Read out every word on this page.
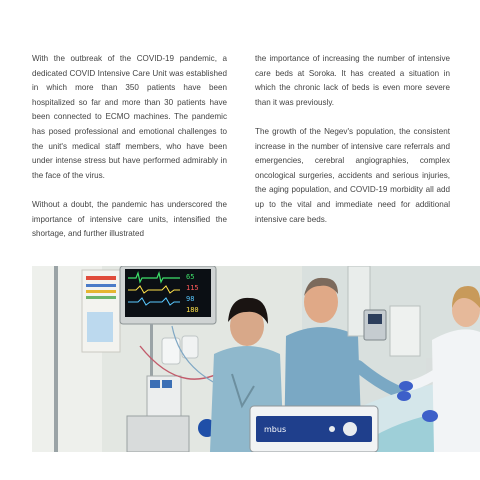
With the outbreak of the COVID-19 pandemic, a dedicated COVID Intensive Care Unit was established in which more than 350 patients have been hospitalized so far and more than 30 patients have been connected to ECMO machines. The pandemic has posed professional and emotional challenges to the unit's medical staff members, who have been under intense stress but have performed admirably in the face of the virus.

Without a doubt, the pandemic has underscored the importance of intensive care units, intensified the shortage, and further illustrated

the importance of increasing the number of intensive care beds at Soroka. It has created a situation in which the chronic lack of beds is even more severe than it was previously.

The growth of the Negev's population, the consistent increase in the number of intensive care referrals and emergencies, cerebral angiographies, complex oncological surgeries, accidents and serious injuries, the aging population, and COVID-19 morbidity all add up to the vital and immediate need for additional intensive care beds.

65
115
98
180
mbus
